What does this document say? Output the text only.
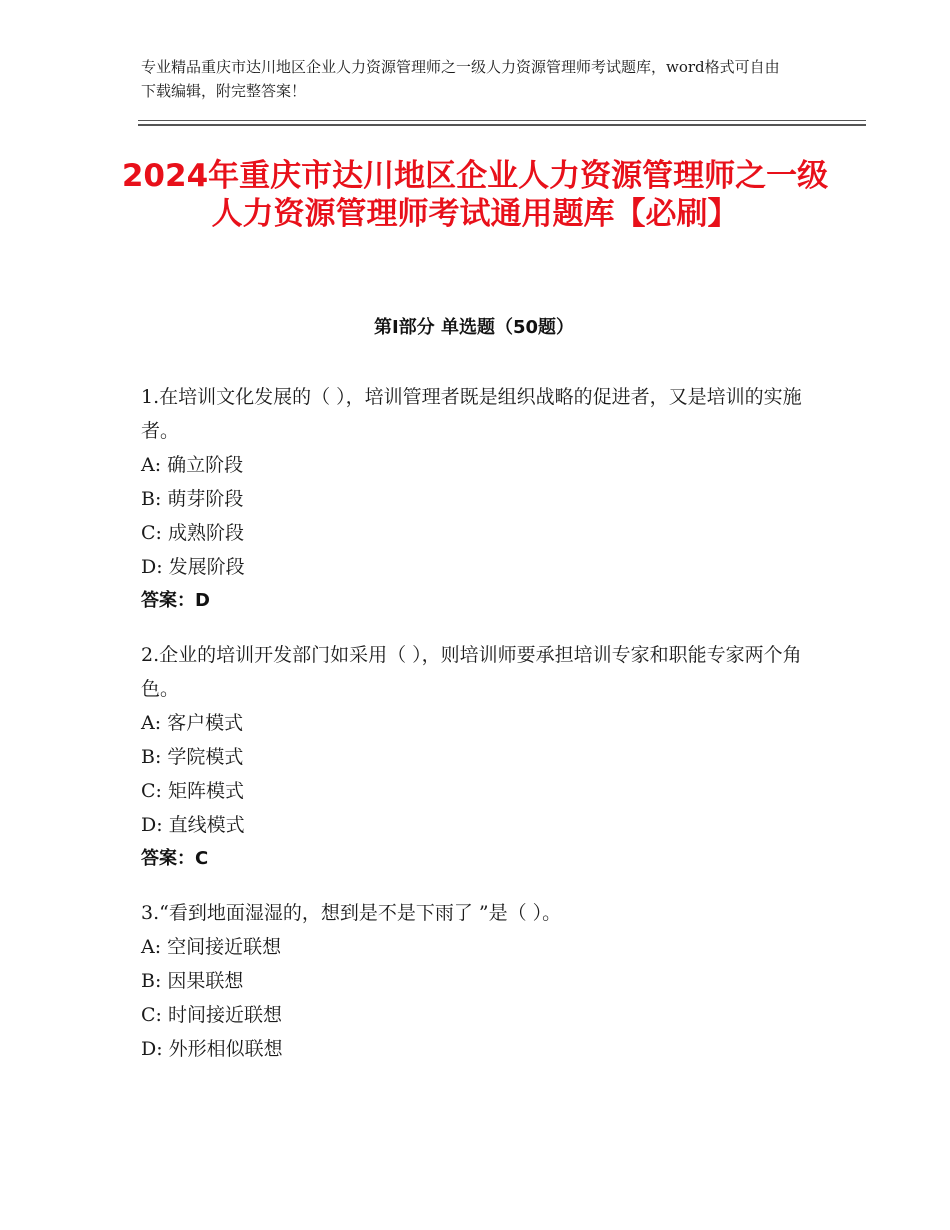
专业精品重庆市达川地区企业人力资源管理师之一级人力资源管理师考试题库，word格式可自由下载编辑，附完整答案！
2024年重庆市达川地区企业人力资源管理师之一级人力资源管理师考试通用题库【必刷】
第Ⅰ部分 单选题（50题）
1.在培训文化发展的（ ），培训管理者既是组织战略的促进者，又是培训的实施者。
A: 确立阶段
B: 萌芽阶段
C: 成熟阶段
D: 发展阶段
答案：D
2.企业的培训开发部门如采用（ ），则培训师要承担培训专家和职能专家两个角色。
A: 客户模式
B: 学院模式
C: 矩阵模式
D: 直线模式
答案：C
3.“看到地面湿湿的，想到是不是下雨了 ”是（ ）。
A: 空间接近联想
B: 因果联想
C: 时间接近联想
D: 外形相似联想
